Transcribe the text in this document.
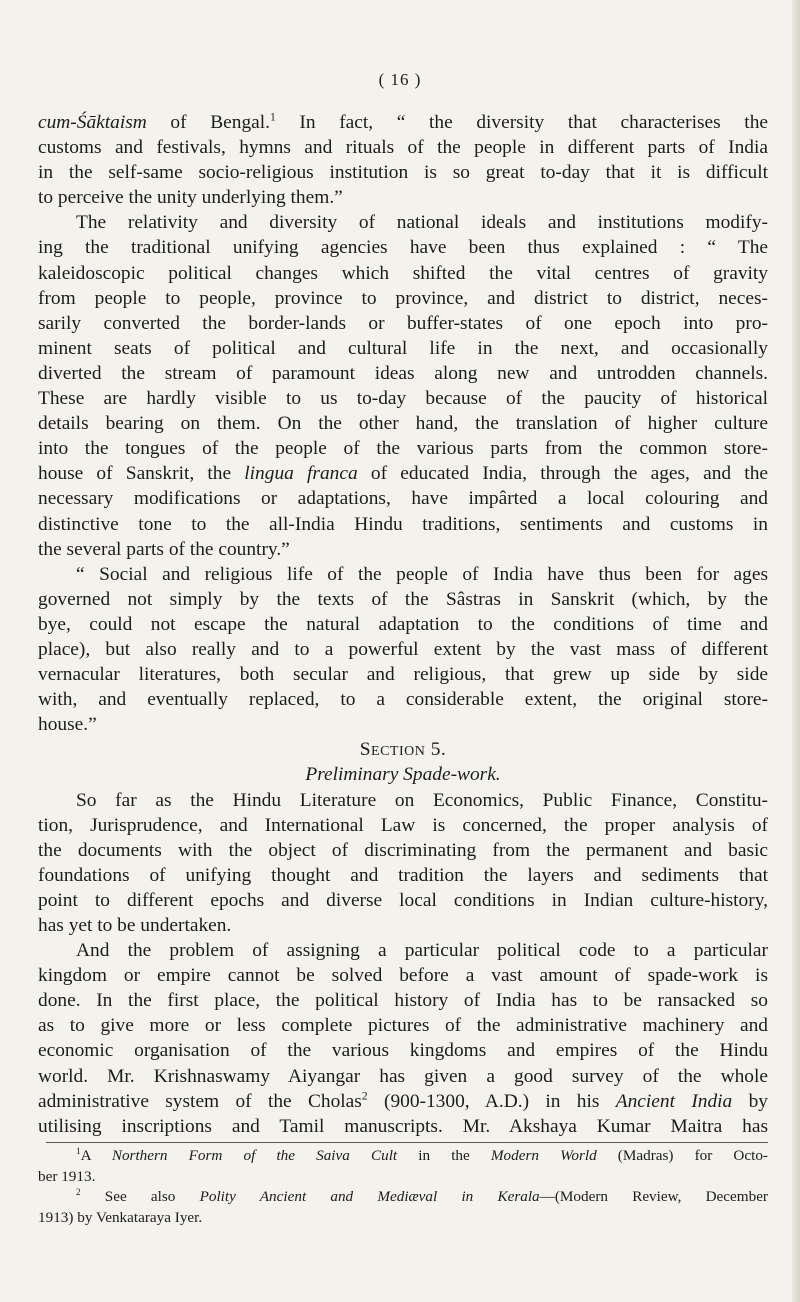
( 16 )
cum-Śāktaism of Bengal.$^1$ In fact, “ the diversity that characterises the
customs and festivals, hymns and rituals of the people in different parts of India
in the self-same socio-religious institution is so great to-day that it is difficult
to perceive the unity underlying them.”
The relativity and diversity of national ideals and institutions modify-
ing the traditional unifying agencies have been thus explained : “ The
kaleidoscopic political changes which shifted the vital centres of gravity
from people to people, province to province, and district to district, neces-
sarily converted the border-lands or buffer-states of one epoch into pro-
minent seats of political and cultural life in the next, and occasionally
diverted the stream of paramount ideas along new and untrodden channels.
These are hardly visible to us to-day because of the paucity of historical
details bearing on them. On the other hand, the translation of higher culture
into the tongues of the people of the various parts from the common store-
house of Sanskrit, the lingua franca of educated India, through the ages, and the
necessary modifications or adaptations, have impârted a local colouring and
distinctive tone to the all-India Hindu traditions, sentiments and customs in
the several parts of the country.”
“ Social and religious life of the people of India have thus been for ages
governed not simply by the texts of the Sâstras in Sanskrit (which, by the
bye, could not escape the natural adaptation to the conditions of time and
place), but also really and to a powerful extent by the vast mass of different
vernacular literatures, both secular and religious, that grew up side by side
with, and eventually replaced, to a considerable extent, the original store-
house.”
Section 5.
Preliminary Spade-work.
So far as the Hindu Literature on Economics, Public Finance, Constitu-
tion, Jurisprudence, and International Law is concerned, the proper analysis of
the documents with the object of discriminating from the permanent and basic
foundations of unifying thought and tradition the layers and sediments that
point to different epochs and diverse local conditions in Indian culture-history,
has yet to be undertaken.
And the problem of assigning a particular political code to a particular
kingdom or empire cannot be solved before a vast amount of spade-work is
done. In the first place, the political history of India has to be ransacked so
as to give more or less complete pictures of the administrative machinery and
economic organisation of the various kingdoms and empires of the Hindu
world. Mr. Krishnaswamy Aiyangar has given a good survey of the whole
administrative system of the Cholas$^2$ (900-1300, A.D.) in his Ancient India by
utilising inscriptions and Tamil manuscripts. Mr. Akshaya Kumar Maitra has
$^1$A Northern Form of the Saiva Cult in the Modern World (Madras) for Octo-
ber 1913.
$^2$ See also Polity Ancient and Mediæval in Kerala—(Modern Review, December
1913) by Venkataraya Iyer.
